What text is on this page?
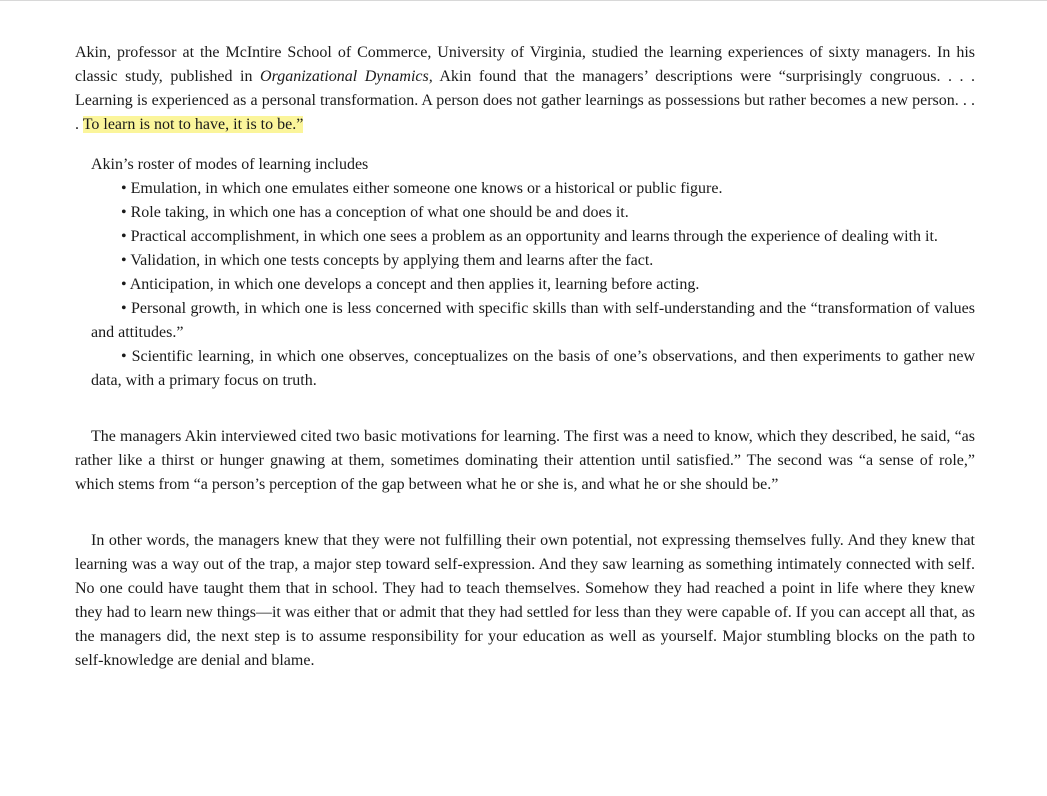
Akin, professor at the McIntire School of Commerce, University of Virginia, studied the learning experiences of sixty managers. In his classic study, published in Organizational Dynamics, Akin found that the managers’ descriptions were “surprisingly congruous. . . . Learning is experienced as a personal transformation. A person does not gather learnings as possessions but rather becomes a new person. . . . To learn is not to have, it is to be.”

Akin’s roster of modes of learning includes

• Emulation, in which one emulates either someone one knows or a historical or public figure.

• Role taking, in which one has a conception of what one should be and does it.

• Practical accomplishment, in which one sees a problem as an opportunity and learns through the experience of dealing with it.

• Validation, in which one tests concepts by applying them and learns after the fact.

• Anticipation, in which one develops a concept and then applies it, learning before acting.

• Personal growth, in which one is less concerned with specific skills than with self-understanding and the “transformation of values and attitudes.”

• Scientific learning, in which one observes, conceptualizes on the basis of one’s observations, and then experiments to gather new data, with a primary focus on truth.

The managers Akin interviewed cited two basic motivations for learning. The first was a need to know, which they described, he said, “as rather like a thirst or hunger gnawing at them, sometimes dominating their attention until satisfied.” The second was “a sense of role,” which stems from “a person’s perception of the gap between what he or she is, and what he or she should be.”

In other words, the managers knew that they were not fulfilling their own potential, not expressing themselves fully. And they knew that learning was a way out of the trap, a major step toward self-expression. And they saw learning as something intimately connected with self. No one could have taught them that in school. They had to teach themselves. Somehow they had reached a point in life where they knew they had to learn new things—it was either that or admit that they had settled for less than they were capable of. If you can accept all that, as the managers did, the next step is to assume responsibility for your education as well as yourself. Major stumbling blocks on the path to self-knowledge are denial and blame.
